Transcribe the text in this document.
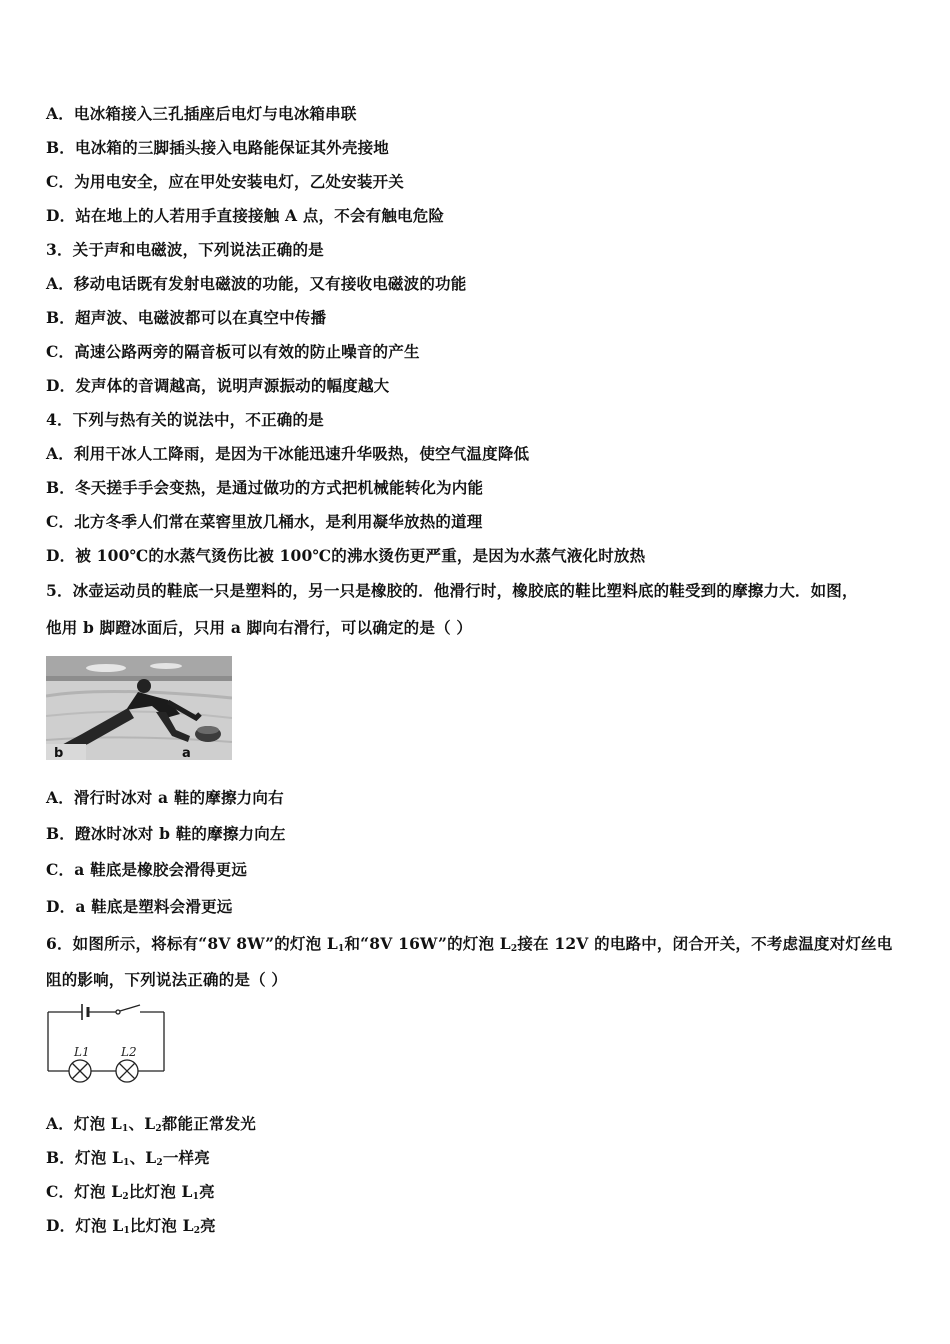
A．电冰箱接入三孔插座后电灯与电冰箱串联
B．电冰箱的三脚插头接入电路能保证其外壳接地
C．为用电安全，应在甲处安装电灯，乙处安装开关
D．站在地上的人若用手直接接触 A 点，不会有触电危险
3．关于声和电磁波，下列说法正确的是
A．移动电话既有发射电磁波的功能，又有接收电磁波的功能
B．超声波、电磁波都可以在真空中传播
C．高速公路两旁的隔音板可以有效的防止噪音的产生
D．发声体的音调越高，说明声源振动的幅度越大
4．下列与热有关的说法中，不正确的是
A．利用干冰人工降雨，是因为干冰能迅速升华吸热，使空气温度降低
B．冬天搓手手会变热，是通过做功的方式把机械能转化为内能
C．北方冬季人们常在菜窖里放几桶水，是利用凝华放热的道理
D．被 100℃的水蒸气烫伤比被 100℃的沸水烫伤更严重，是因为水蒸气液化时放热
5．冰壶运动员的鞋底一只是塑料的，另一只是橡胶的．他滑行时，橡胶底的鞋比塑料底的鞋受到的摩擦力大．如图，
他用 b 脚蹬冰面后，只用 a 脚向右滑行，可以确定的是（ ）
b	a
A．滑行时冰对 a 鞋的摩擦力向右
B．蹬冰时冰对 b 鞋的摩擦力向左
C．a 鞋底是橡胶会滑得更远
D．a 鞋底是塑料会滑更远
6．如图所示，将标有“8V 8W”的灯泡 $L_1$和“8V 16W”的灯泡 $L_2$接在 12V 的电路中，闭合开关，不考虑温度对灯丝电
阻的影响，下列说法正确的是（ ）
L1	L2
A．灯泡 $L_1$、$L_2$都能正常发光
B．灯泡 $L_1$、$L_2$一样亮
C．灯泡 $L_2$比灯泡 $L_1$亮
D．灯泡 $L_1$比灯泡 $L_2$亮
